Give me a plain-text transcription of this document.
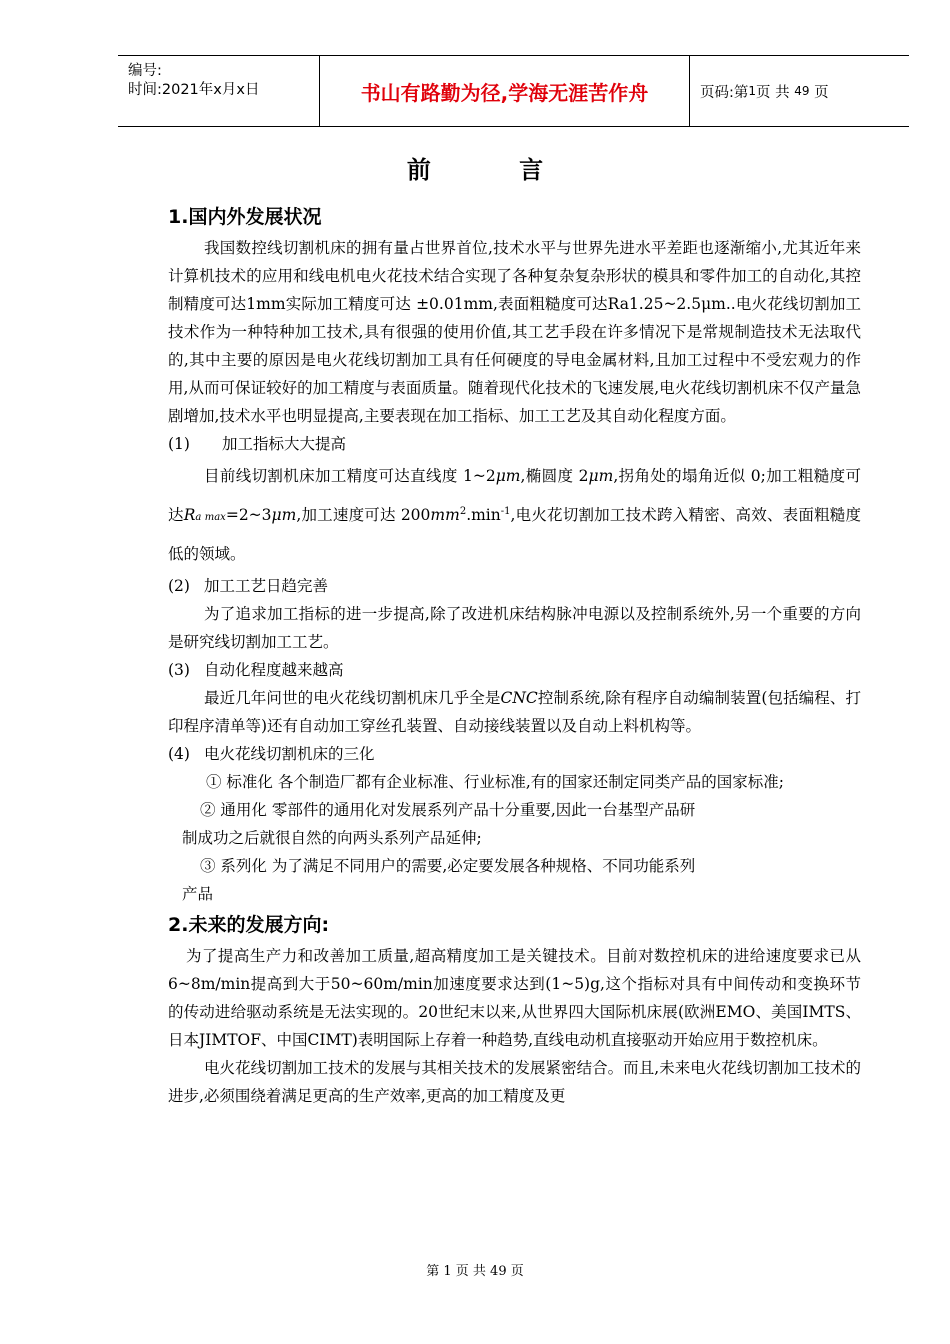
编号:
时间:2021年x月x日	书山有路勤为径,学海无涯苦作舟	页码:第 1 页 共
49
页
前 言
1.国内外发展状况

我国数控线切割机床的拥有量占世界首位,技术水平与世界先进水平差距也逐渐缩小,尤其近年来计算机技术的应用和线电机电火花技术结合实现了各种复杂复杂形状的模具和零件加工的自动化,其控制精度可达1mm实际加工精度可达 ±0.01mm,表面粗糙度可达Ra1.25~2.5μm..电火花线切割加工技术作为一种特种加工技术,具有很强的使用价值,其工艺手段在许多情况下是常规制造技术无法取代的,其中主要的原因是电火花线切割加工具有任何硬度的导电金属材料,且加工过程中不受宏观力的作用,从而可保证较好的加工精度与表面质量。随着现代化技术的飞速发展,电火花线切割机床不仅产量急剧增加,技术水平也明显提高,主要表现在加工指标、加工工艺及其自动化程度方面。

(1) 加工指标大大提高

目前线切割机床加工精度可达直线度 1~2μm,椭圆度 2μm,拐角处的塌角近似 0;加工粗糙度可达Ra max=2~3μm,加工速度可达 $200mm^2.\min^{-1}$,电火花切割加工技术跨入精密、高效、表面粗糙度低的领域。

(2) 加工工艺日趋完善

为了追求加工指标的进一步提高,除了改进机床结构脉冲电源以及控制系统外,另一个重要的方向是研究线切割加工工艺。

(3) 自动化程度越来越高

最近几年问世的电火花线切割机床几乎全是CNC控制系统,除有程序自动编制装置(包括编程、打印程序清单等)还有自动加工穿丝孔装置、自动接线装置以及自动上料机构等。

(4) 电火花线切割机床的三化

① 标准化 各个制造厂都有企业标准、行业标准,有的国家还制定同类产品的国家标准;

② 通用化 零部件的通用化对发展系列产品十分重要,因此一台基型产品研
制成功之后就很自然的向两头系列产品延伸;

③ 系列化 为了满足不同用户的需要,必定要发展各种规格、不同功能系列
产品

2.未来的发展方向:

为了提高生产力和改善加工质量,超高精度加工是关键技术。目前对数控机床的进给速度要求已从6~8m/min提高到大于50~60m/min加速度要求达到(1~5)g,这个指标对具有中间传动和变换环节的传动进给驱动系统是无法实现的。20世纪末以来,从世界四大国际机床展(欧洲EMO、美国IMTS、日本JIMTOF、中国CIMT)表明国际上存着一种趋势,直线电动机直接驱动开始应用于数控机床。

电火花线切割加工技术的发展与其相关技术的发展紧密结合。而且,未来电火花线切割加工技术的进步,必须围绕着满足更高的生产效率,更高的加工精度及更

第 1 页 共 49 页
